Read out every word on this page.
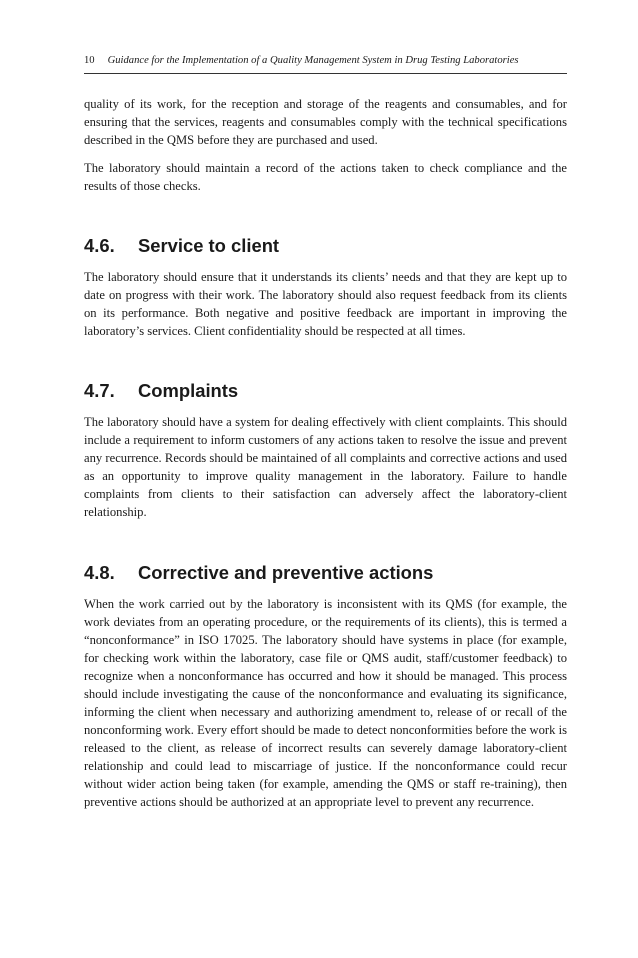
10 Guidance for the Implementation of a Quality Management System in Drug Testing Laboratories

quality of its work, for the reception and storage of the reagents and consumables, and for ensuring that the services, reagents and consumables comply with the technical specifications described in the QMS before they are purchased and used.

The laboratory should maintain a record of the actions taken to check compliance and the results of those checks.

4.6.	Service to client

The laboratory should ensure that it understands its clients’ needs and that they are kept up to date on progress with their work. The laboratory should also request feedback from its clients on its performance. Both negative and positive feedback are important in improving the laboratory’s services. Client confidentiality should be respected at all times.

4.7.	Complaints

The laboratory should have a system for dealing effectively with client complaints. This should include a requirement to inform customers of any actions taken to resolve the issue and prevent any recurrence. Records should be maintained of all complaints and corrective actions and used as an opportunity to improve quality management in the laboratory. Failure to handle complaints from clients to their satisfaction can adversely affect the laboratory-client relationship.

4.8.	Corrective and preventive actions

When the work carried out by the laboratory is inconsistent with its QMS (for example, the work deviates from an operating procedure, or the requirements of its clients), this is termed a “nonconformance” in ISO 17025. The laboratory should have systems in place (for example, for checking work within the laboratory, case file or QMS audit, staff/customer feedback) to recognize when a nonconformance has occurred and how it should be managed. This process should include investigating the cause of the nonconformance and evaluating its significance, informing the client when necessary and authorizing amendment to, release of or recall of the nonconforming work. Every effort should be made to detect nonconformities before the work is released to the client, as release of incorrect results can severely damage laboratory-client relationship and could lead to miscarriage of justice. If the nonconformance could recur without wider action being taken (for example, amending the QMS or staff re-training), then preventive actions should be authorized at an appropriate level to prevent any recurrence.
